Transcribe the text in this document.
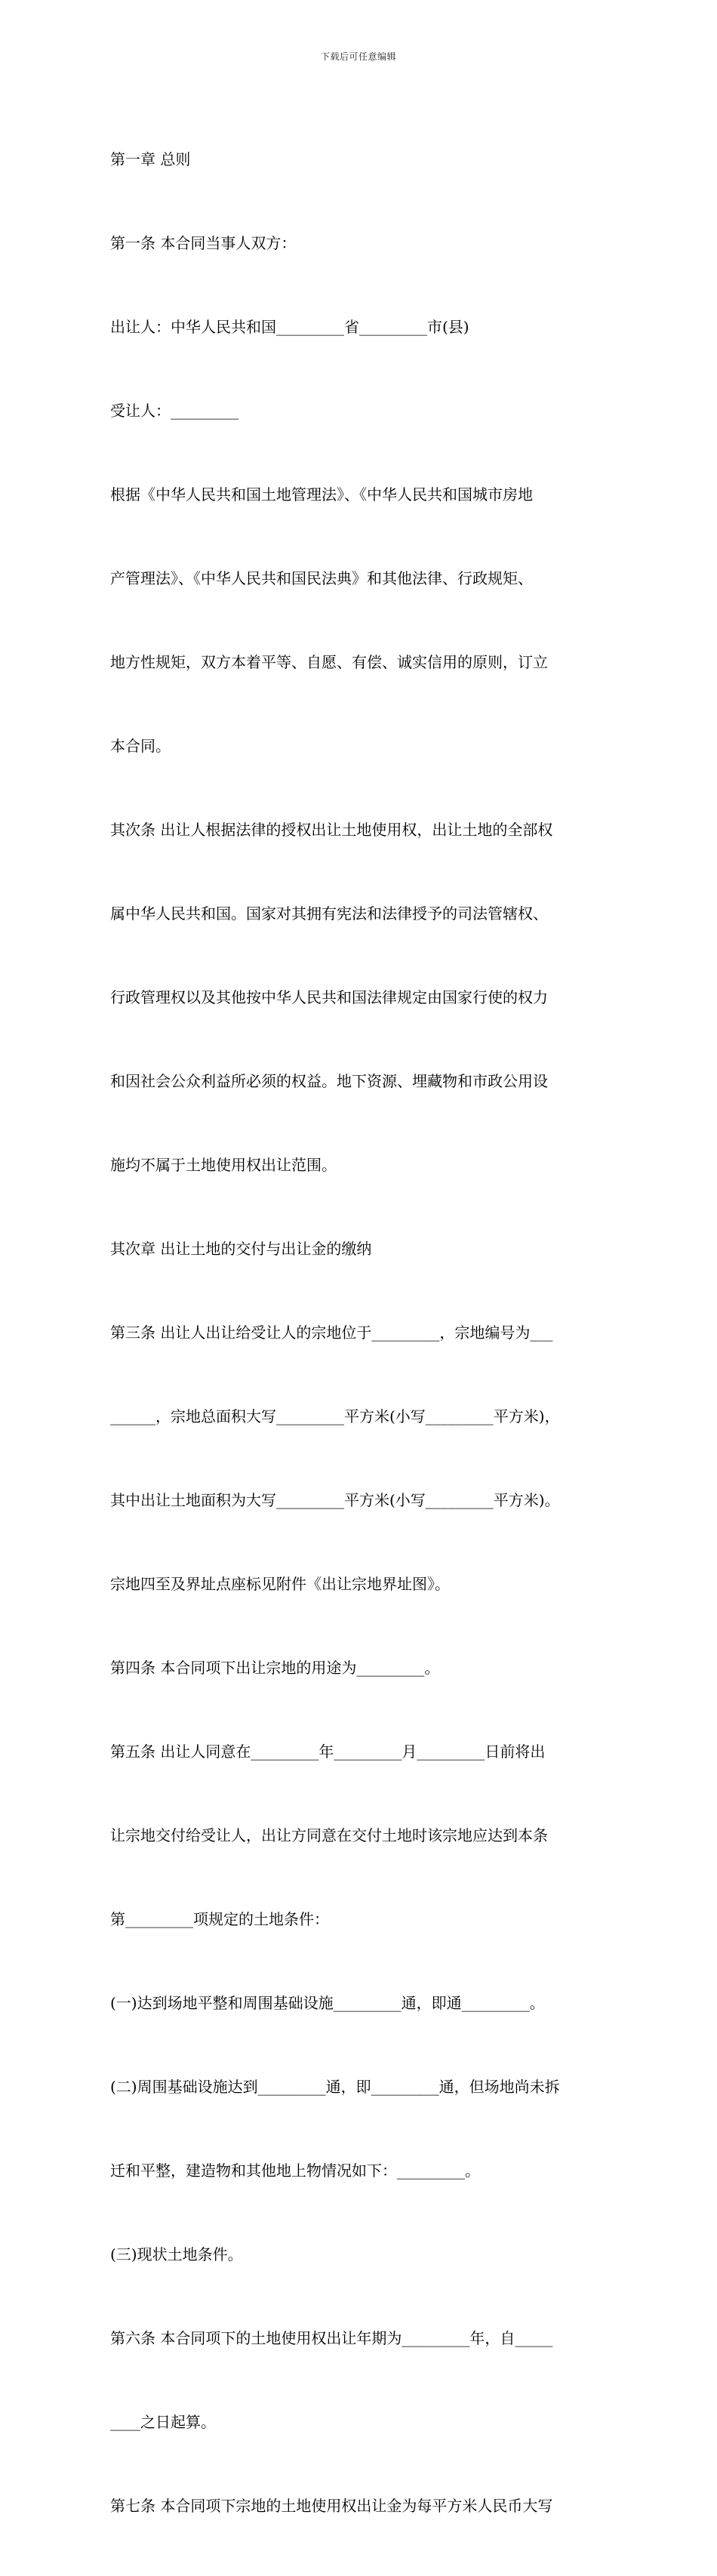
下载后可任意编辑

第一章 总则

第一条 本合同当事人双方：

出让人：中华人民共和国_________省_________市(县)

受让人：_________

根据《中华人民共和国土地管理法》、《中华人民共和国城市房地

产管理法》、《中华人民共和国民法典》和其他法律、行政规矩、

地方性规矩，双方本着平等、自愿、有偿、诚实信用的原则，订立

本合同。

其次条 出让人根据法律的授权出让土地使用权，出让土地的全部权

属中华人民共和国。国家对其拥有宪法和法律授予的司法管辖权、

行政管理权以及其他按中华人民共和国法律规定由国家行使的权力

和因社会公众利益所必须的权益。地下资源、埋藏物和市政公用设

施均不属于土地使用权出让范围。

其次章 出让土地的交付与出让金的缴纳

第三条 出让人出让给受让人的宗地位于_________，宗地编号为___

______，宗地总面积大写_________平方米(小写_________平方米)，

其中出让土地面积为大写_________平方米(小写_________平方米)。

宗地四至及界址点座标见附件《出让宗地界址图》。

第四条 本合同项下出让宗地的用途为_________。

第五条 出让人同意在_________年_________月_________日前将出

让宗地交付给受让人，出让方同意在交付土地时该宗地应达到本条

第_________项规定的土地条件：

(一)达到场地平整和周围基础设施_________通，即通_________。

(二)周围基础设施达到_________通，即_________通，但场地尚未拆

迁和平整，建造物和其他地上物情况如下：_________。

(三)现状土地条件。

第六条 本合同项下的土地使用权出让年期为_________年，自_____

____之日起算。

第七条 本合同项下宗地的土地使用权出让金为每平方米人民币大写
